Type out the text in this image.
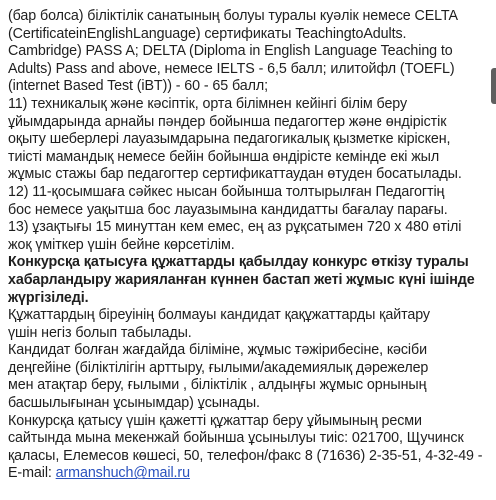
(бар болса) біліктілік санатының болуы туралы куәлік немесе CELTA
(CertificateinEnglishLanguage) сертификаты TeachingtoAdults.
Cambridge) PASS A; DELTA (Diploma in English Language Teaching to
Adults) Pass and above, немесе IELTS - 6,5 балл; илитойфл (TOEFL)
(internet Based Test (iBT)) - 60 - 65 балл;
11) техникалық және кәсіптік, орта білімнен кейінгі білім беру
ұйымдарында арнайы пәндер бойынша педагогтер және өндірістік
оқыту шеберлері лауазымдарына педагогикалық қызметке кіріскен,
тиісті мамандық немесе бейін бойынша өндірісте кемінде екі жыл
жұмыс стажы бар педагогтер сертификаттаудан өтуден босатылады.
12) 11-қосымшаға сәйкес нысан бойынша толтырылған Педагогтің
бос немесе уақытша бос лауазымына кандидатты бағалау парағы.
13) ұзақтығы 15 минуттан кем емес, ең аз рұқсатымен 720 х 480 өтілі
жоқ үміткер үшін бейне көрсетілім.
Конкурсқа қатысуға құжаттарды қабылдау конкурс өткізу туралы
хабарландыру жарияланған күннен бастап жеті жұмыс күні ішінде
жүргізіледі.
Құжаттардың біреуінің болмауы кандидат қақұжаттарды қайтару
үшін негіз болып табылады.
Кандидат болған жағдайда біліміне, жұмыс тәжірибесіне, кәсіби
деңгейіне (біліктілігін арттыру, ғылыми/академиялық дәрежелер
мен атақтар беру, ғылыми , біліктілік , алдыңғы жұмыс орнының
басшылығынан ұсынымдар) ұсынады.
Конкурсқа қатысу үшін қажетті құжаттар беру ұйымының ресми
сайтында мына мекенжай бойынша ұсынылуы тиіс: 021700, Щучинск
қаласы, Елемесов көшесі, 50, телефон/факс 8 (71636) 2-35-51, 4-32-49 -
E-mail: armanshuch@mail.ru
